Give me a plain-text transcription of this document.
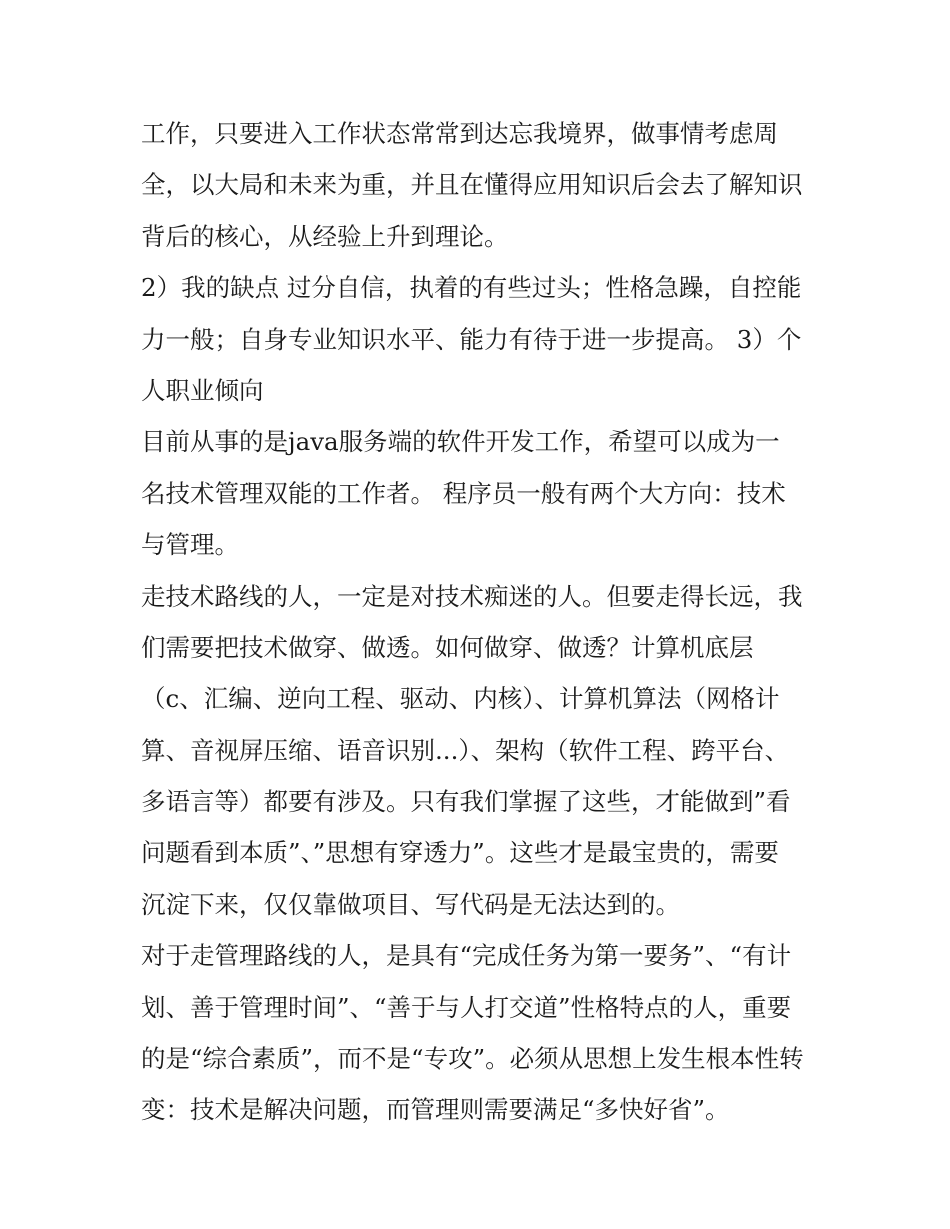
工作，只要进入工作状态常常到达忘我境界，做事情考虑周
全，以大局和未来为重，并且在懂得应用知识后会去了解知识
背后的核心，从经验上升到理论。
2）我的缺点 过分自信，执着的有些过头；性格急躁，自控能
力一般；自身专业知识水平、能力有待于进一步提高。 3）个
人职业倾向
目前从事的是java服务端的软件开发工作，希望可以成为一
名技术管理双能的工作者。 程序员一般有两个大方向：技术
与管理。
走技术路线的人，一定是对技术痴迷的人。但要走得长远，我
们需要把技术做穿、做透。如何做穿、做透？计算机底层
（c、汇编、逆向工程、驱动、内核）、计算机算法（网格计
算、音视屏压缩、语音识别...）、架构（软件工程、跨平台、
多语言等）都要有涉及。只有我们掌握了这些，才能做到”看
问题看到本质”、”思想有穿透力”。这些才是最宝贵的，需要
沉淀下来，仅仅靠做项目、写代码是无法达到的。
对于走管理路线的人，是具有“完成任务为第一要务”、“有计
划、善于管理时间”、“善于与人打交道”性格特点的人，重要
的是“综合素质”，而不是“专攻”。必须从思想上发生根本性转
变：技术是解决问题，而管理则需要满足“多快好省”。
